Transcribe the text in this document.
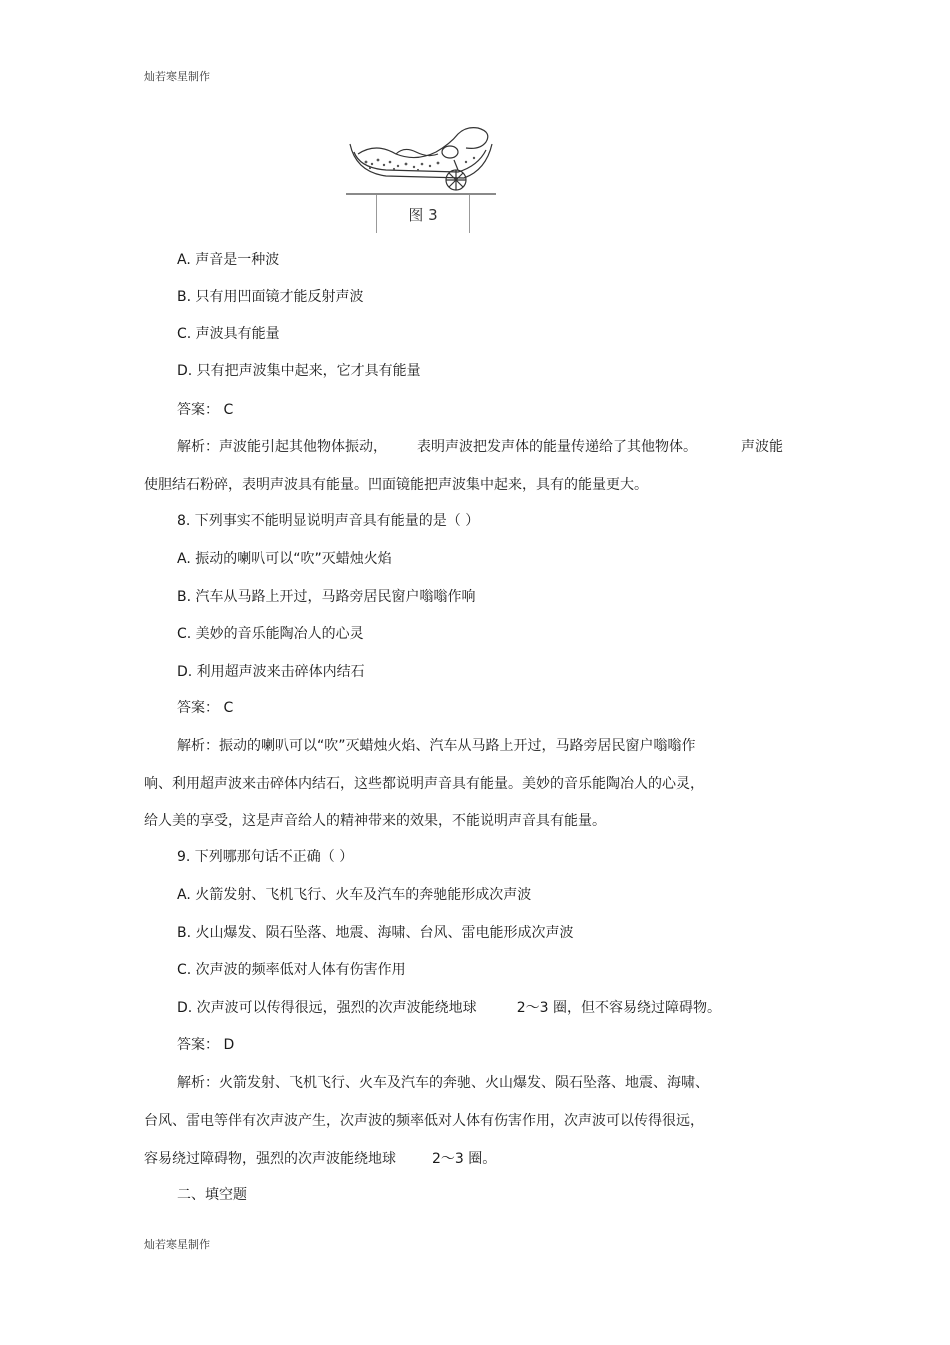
灿若寒星制作
图 3
A. 声音是一种波
B. 只有用凹面镜才能反射声波
C. 声波具有能量
D. 只有把声波集中起来，它才具有能量
答案： C
解析：声波能引起其他物体振动， 表明声波把发声体的能量传递给了其他物体。	声波能
使胆结石粉碎，表明声波具有能量。凹面镜能把声波集中起来，具有的能量更大。
8. 下列事实不能明显说明声音具有能量的是（ ）
A. 振动的喇叭可以“吹”灭蜡烛火焰
B. 汽车从马路上开过，马路旁居民窗户嗡嗡作响
C. 美妙的音乐能陶冶人的心灵
D. 利用超声波来击碎体内结石
答案： C
解析：振动的喇叭可以“吹”灭蜡烛火焰、汽车从马路上开过，马路旁居民窗户嗡嗡作
响、利用超声波来击碎体内结石，这些都说明声音具有能量。美妙的音乐能陶冶人的心灵，
给人美的享受，这是声音给人的精神带来的效果，不能说明声音具有能量。
9. 下列哪那句话不正确（ ）
A. 火箭发射、飞机飞行、火车及汽车的奔驰能形成次声波
B. 火山爆发、陨石坠落、地震、海啸、台风、雷电能形成次声波
C. 次声波的频率低对人体有伤害作用
D. 次声波可以传得很远，强烈的次声波能绕地球	2～3 圈，但不容易绕过障碍物。
答案： D
解析：火箭发射、飞机飞行、火车及汽车的奔驰、火山爆发、陨石坠落、地震、海啸、
台风、雷电等伴有次声波产生，次声波的频率低对人体有伤害作用，次声波可以传得很远，
容易绕过障碍物，强烈的次声波能绕地球	2～3 圈。
二、填空题
灿若寒星制作
